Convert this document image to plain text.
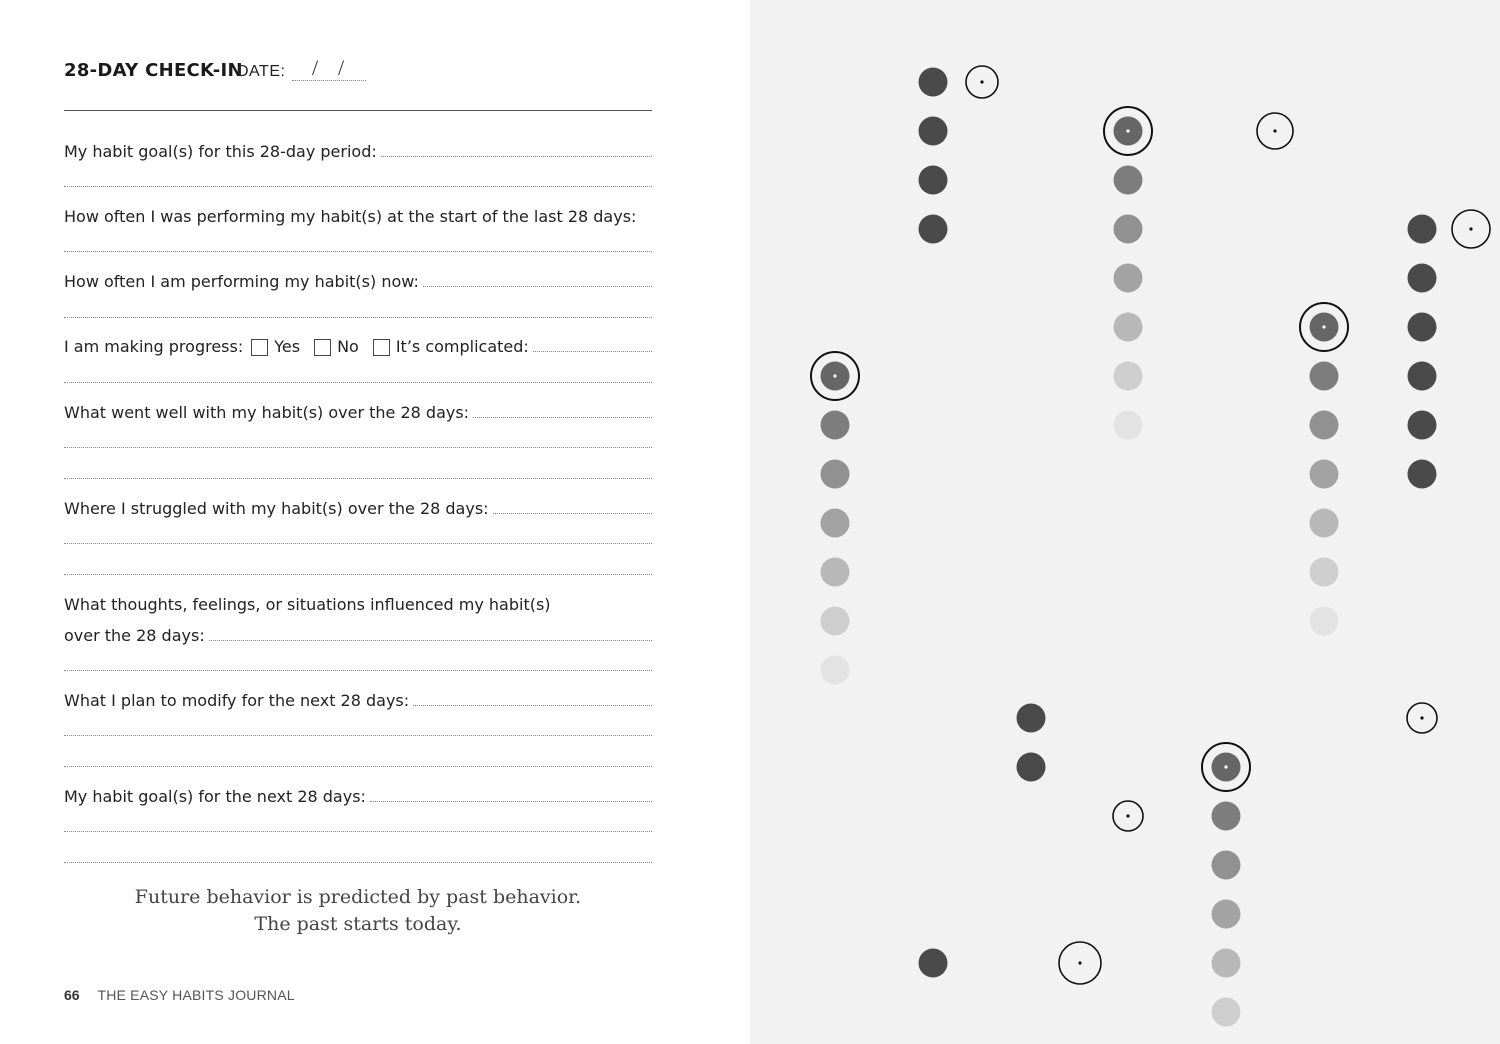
28-DAY CHECK-IN
DATE: / /
My habit goal(s) for this 28-day period:
How often I was performing my habit(s) at the start of the last 28 days:
How often I am performing my habit(s) now:
I am making progress: Yes No It’s complicated:
What went well with my habit(s) over the 28 days:
Where I struggled with my habit(s) over the 28 days:
What thoughts, feelings, or situations influenced my habit(s)
over the 28 days:
What I plan to modify for the next 28 days:
My habit goal(s) for the next 28 days:
Future behavior is predicted by past behavior.
The past starts today.
66 THE EASY HABITS JOURNAL
